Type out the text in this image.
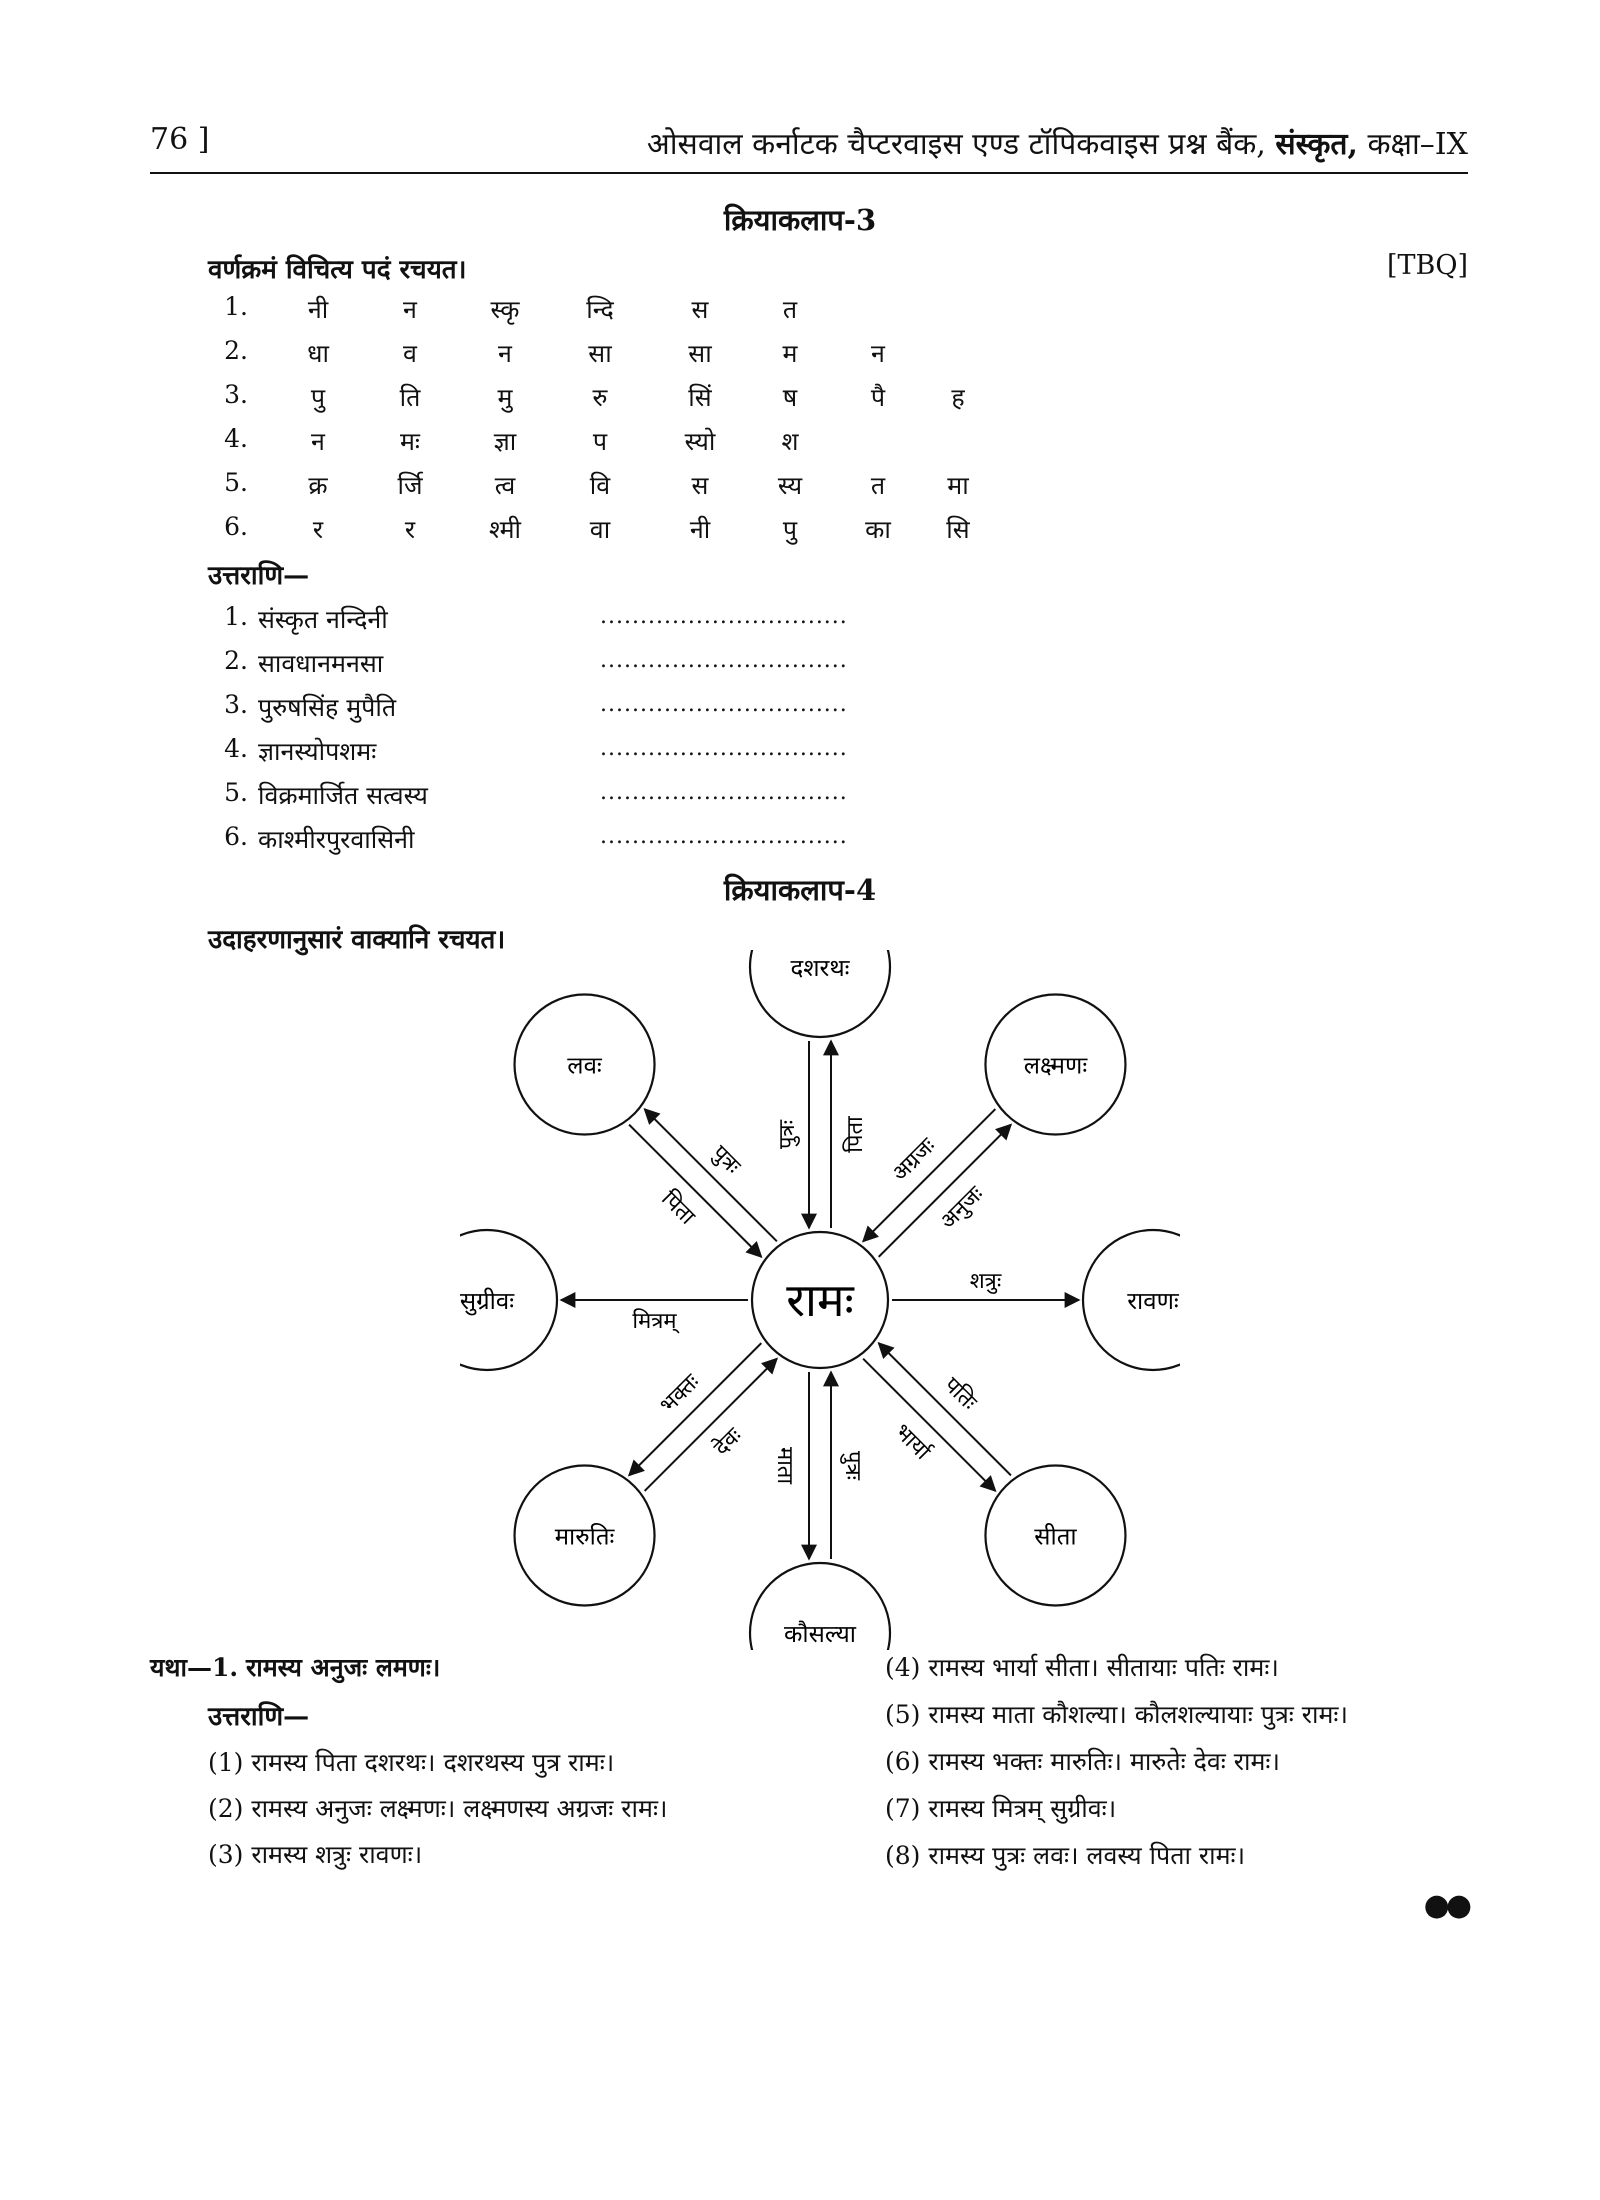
76 ]	ओसवाल कर्नाटक चैप्टरवाइस एण्ड टॉपिकवाइस प्रश्न बैंक, संस्कृत, कक्षा–IX
क्रियाकलाप-3
वर्णक्रमं विचित्य पदं रचयत।	[TBQ]
1.	नी	न	स्कृ	न्दि	स	त
2.	धा	व	न	सा	सा	म	न
3.	पु	ति	मु	रु	सिं	ष	पै	ह
4.	न	मः	ज्ञा	प	स्यो	श
5.	क्र	र्जि	त्व	वि	स	स्य	त	मा
6.	र	र	श्मी	वा	नी	पु	का	सि
उत्तराणि—
1. संस्कृत नन्दिनी	...............................
2. सावधानमनसा	...............................
3. पुरुषसिंह मुपैति	...............................
4. ज्ञानस्योपशमः	...............................
5. विक्रमार्जित सत्वस्य	...............................
6. काश्मीरपुरवासिनी	...............................
क्रियाकलाप-4
उदाहरणानुसारं वाक्यानि रचयत।
पिता
पुत्रः
अनुजः
अग्रजः
शत्रुः
भार्या
पतिः
माता पुत्रः
भक्तः
देवः
मित्रम्
पुत्रः
पिता
रामः
दशरथः
लक्ष्मणः
रावणः
सीता
कौसल्या
मारुतिः
सुग्रीवः
लवः
यथा—1. रामस्य अनुजः लमणः।
उत्तराणि—
(1) रामस्य पिता दशरथः। दशरथस्य पुत्र रामः।
(2) रामस्य अनुजः लक्ष्मणः। लक्ष्मणस्य अग्रजः रामः।
(3) रामस्य शत्रुः रावणः।
(4) रामस्य भार्या सीता। सीतायाः पतिः रामः।
(5) रामस्य माता कौशल्या। कौलशल्यायाः पुत्रः रामः।
(6) रामस्य भक्तः मारुतिः। मारुतेः देवः रामः।
(7) रामस्य मित्रम् सुग्रीवः।
(8) रामस्य पुत्रः लवः। लवस्य पिता रामः।
●●
